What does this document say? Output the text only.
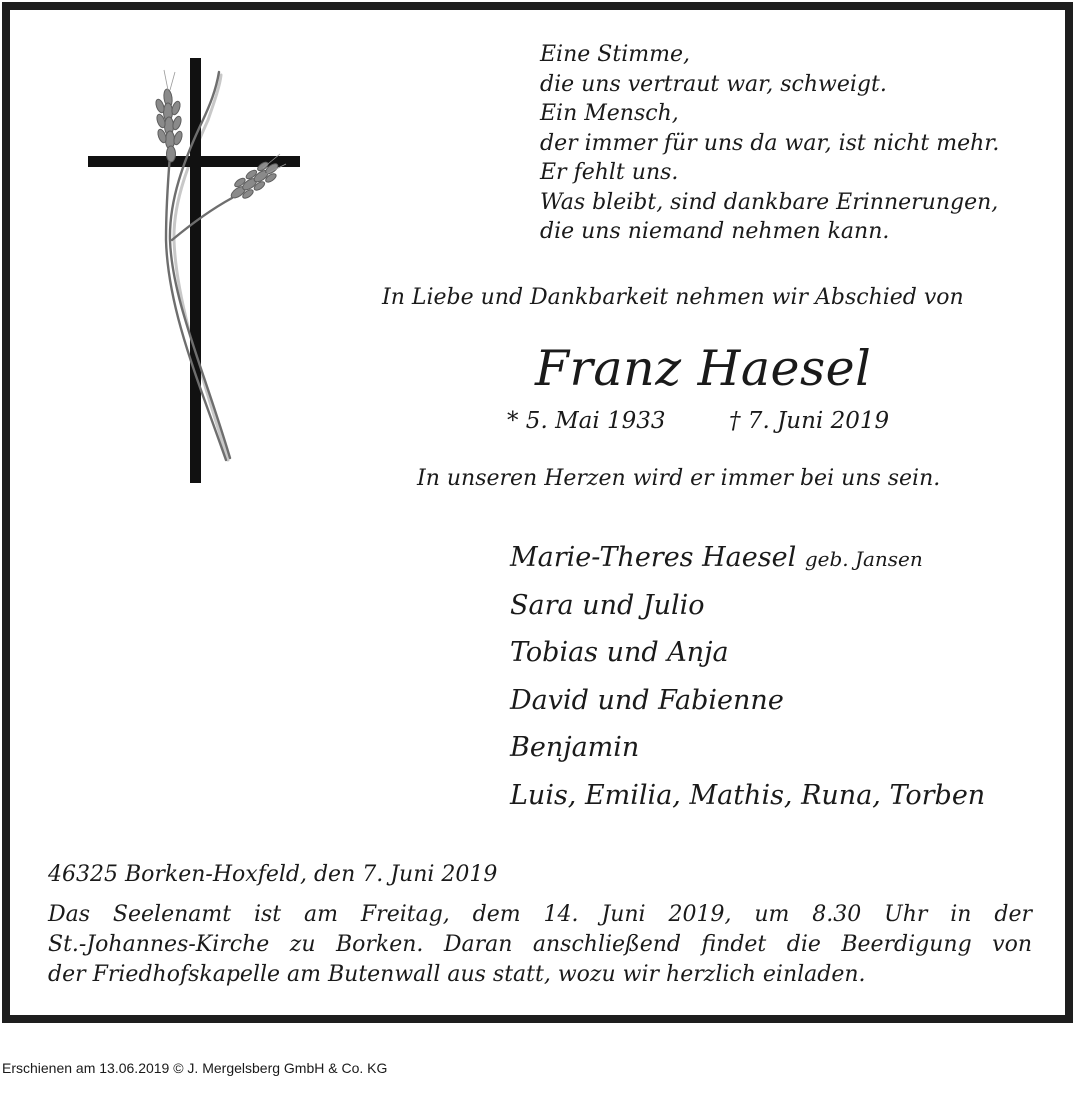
Eine Stimme,
die uns vertraut war, schweigt.
Ein Mensch,
der immer für uns da war, ist nicht mehr.
Er fehlt uns.
Was bleibt, sind dankbare Erinnerungen,
die uns niemand nehmen kann.
In Liebe und Dankbarkeit nehmen wir Abschied von
Franz Haesel
* 5. Mai 1933	† 7. Juni 2019
In unseren Herzen wird er immer bei uns sein.
Marie-Theres Haesel geb. Jansen
Sara und Julio
Tobias und Anja
David und Fabienne
Benjamin
Luis, Emilia, Mathis, Runa, Torben
46325 Borken-Hoxfeld, den 7. Juni 2019
Das Seelenamt ist am Freitag, dem 14. Juni 2019, um 8.30 Uhr in der
St.-Johannes-Kirche zu Borken. Daran anschließend findet die Beerdigung von
der Friedhofskapelle am Butenwall aus statt, wozu wir herzlich einladen.
Erschienen am 13.06.2019 © J. Mergelsberg GmbH & Co. KG
